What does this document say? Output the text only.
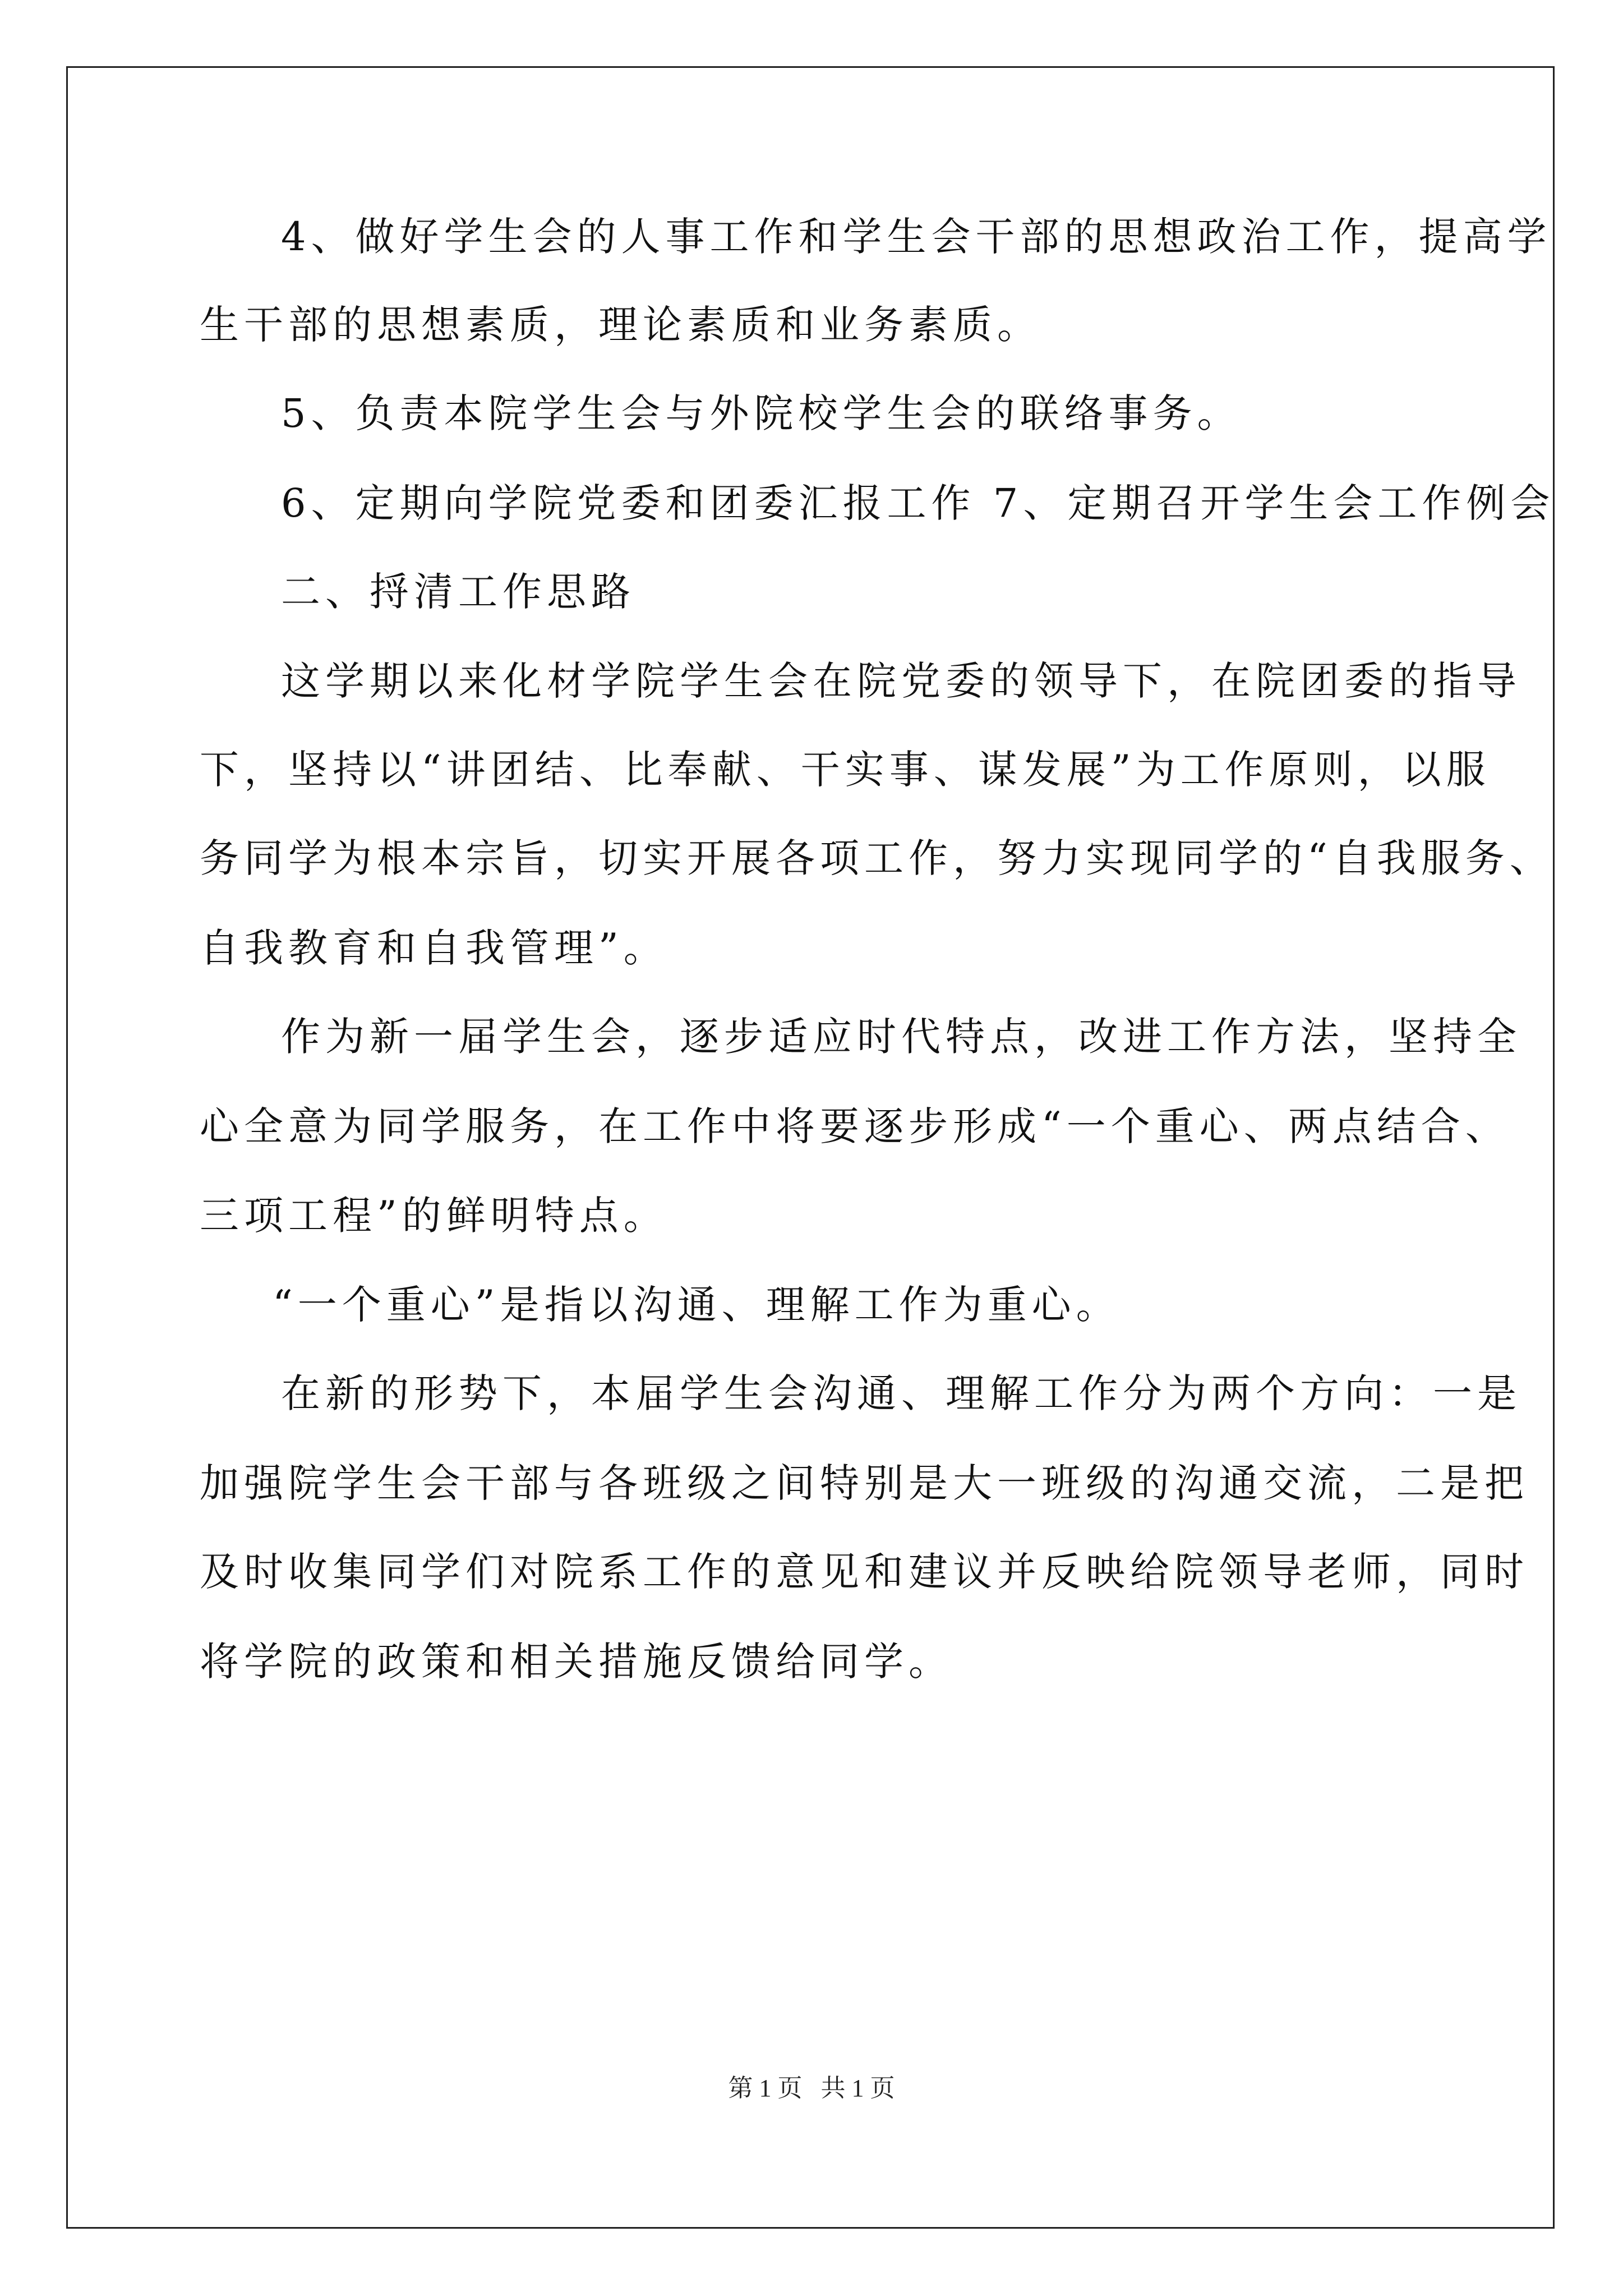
4、做好学生会的人事工作和学生会干部的思想政治工作，提高学

生干部的思想素质，理论素质和业务素质。

5、负责本院学生会与外院校学生会的联络事务。

6、定期向学院党委和团委汇报工作 7、定期召开学生会工作例会

二、捋清工作思路

这学期以来化材学院学生会在院党委的领导下，在院团委的指导

下，坚持以“讲团结、比奉献、干实事、谋发展”为工作原则，以服

务同学为根本宗旨，切实开展各项工作，努力实现同学的“自我服务、

自我教育和自我管理”。

作为新一届学生会，逐步适应时代特点，改进工作方法，坚持全

心全意为同学服务，在工作中将要逐步形成“一个重心、两点结合、

三项工程”的鲜明特点。

“一个重心”是指以沟通、理解工作为重心。

在新的形势下，本届学生会沟通、理解工作分为两个方向：一是

加强院学生会干部与各班级之间特别是大一班级的沟通交流，二是把

及时收集同学们对院系工作的意见和建议并反映给院领导老师，同时

将学院的政策和相关措施反馈给同学。

第 1 页   共 1 页
